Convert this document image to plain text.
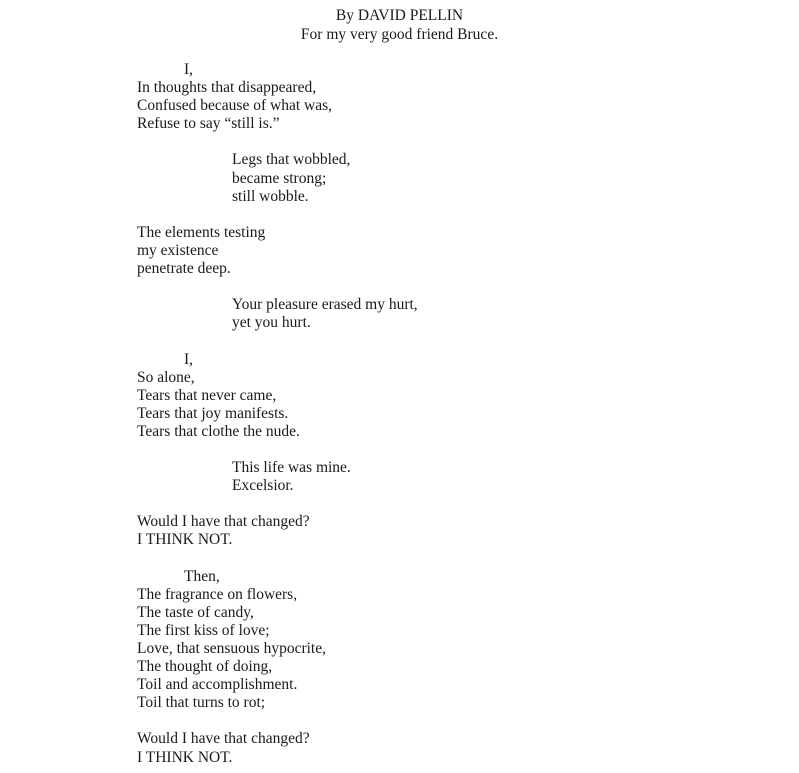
By DAVID PELLIN
For my very good friend Bruce.
I,
In thoughts that disappeared,
Confused because of what was,
Refuse to say “still is.”
Legs that wobbled,
became strong;
still wobble.
The elements testing
my existence
penetrate deep.
Your pleasure erased my hurt,
yet you hurt.
I,
So alone,
Tears that never came,
Tears that joy manifests.
Tears that clothe the nude.
This life was mine.
Excelsior.
Would I have that changed?
I THINK NOT.
Then,
The fragrance on flowers,
The taste of candy,
The first kiss of love;
Love, that sensuous hypocrite,
The thought of doing,
Toil and accomplishment.
Toil that turns to rot;
Would I have that changed?
I THINK NOT.
